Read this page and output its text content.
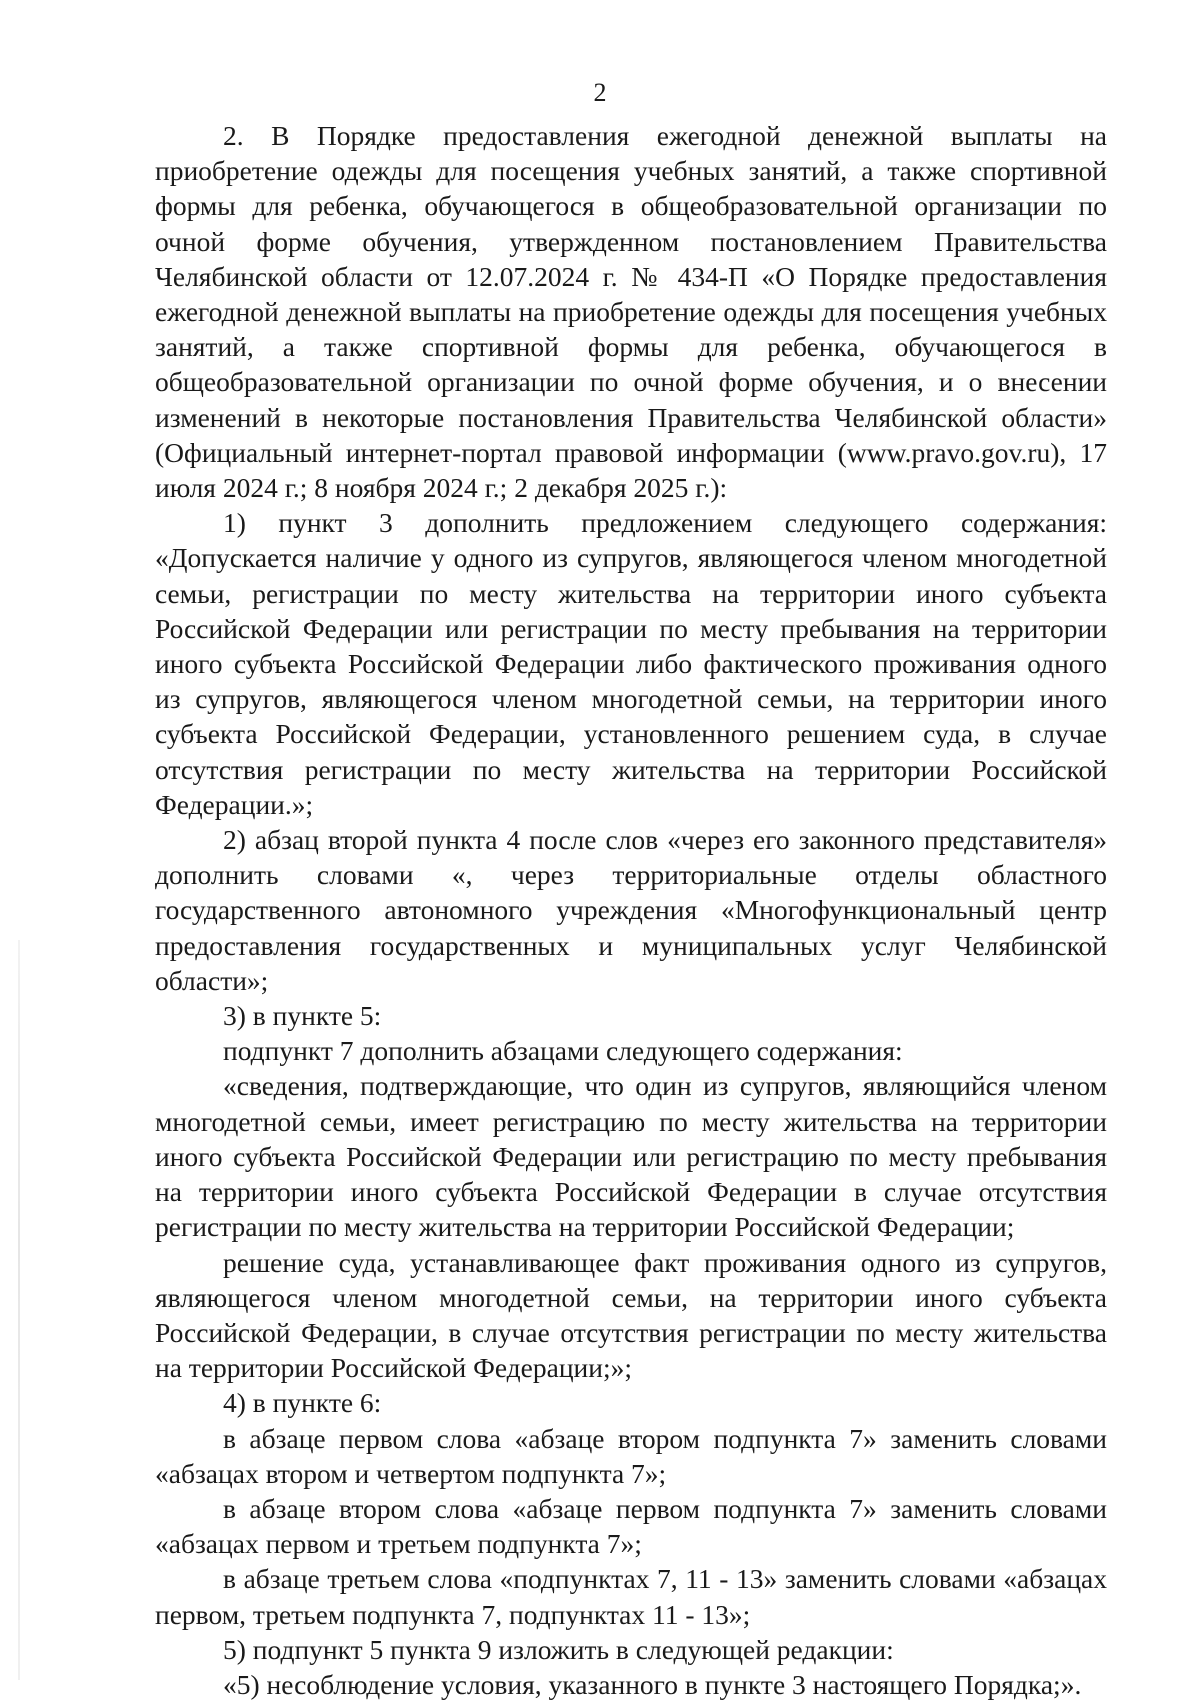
2

2. В Порядке предоставления ежегодной денежной выплаты на приобретение одежды для посещения учебных занятий, а также спортивной формы для ребенка, обучающегося в общеобразовательной организации по очной форме обучения, утвержденном постановлением Правительства Челябинской области от 12.07.2024 г. № 434-П «О Порядке предоставления ежегодной денежной выплаты на приобретение одежды для посещения учебных занятий, а также спортивной формы для ребенка, обучающегося в общеобразовательной организации по очной форме обучения, и о внесении изменений в некоторые постановления Правительства Челябинской области» (Официальный интернет-портал правовой информации (www.pravo.gov.ru), 17 июля 2024 г.; 8 ноября 2024 г.; 2 декабря 2025 г.):

1) пункт 3 дополнить предложением следующего содержания: «Допускается наличие у одного из супругов, являющегося членом многодетной семьи, регистрации по месту жительства на территории иного субъекта Российской Федерации или регистрации по месту пребывания на территории иного субъекта Российской Федерации либо фактического проживания одного из супругов, являющегося членом многодетной семьи, на территории иного субъекта Российской Федерации, установленного решением суда, в случае отсутствия регистрации по месту жительства на территории Российской Федерации.»;

2) абзац второй пункта 4 после слов «через его законного представителя» дополнить словами «, через территориальные отделы областного государственного автономного учреждения «Многофункциональный центр предоставления государственных и муниципальных услуг Челябинской области»;

3) в пункте 5:

подпункт 7 дополнить абзацами следующего содержания:

«сведения, подтверждающие, что один из супругов, являющийся членом многодетной семьи, имеет регистрацию по месту жительства на территории иного субъекта Российской Федерации или регистрацию по месту пребывания на территории иного субъекта Российской Федерации в случае отсутствия регистрации по месту жительства на территории Российской Федерации;

решение суда, устанавливающее факт проживания одного из супругов, являющегося членом многодетной семьи, на территории иного субъекта Российской Федерации, в случае отсутствия регистрации по месту жительства на территории Российской Федерации;»;

4) в пункте 6:

в абзаце первом слова «абзаце втором подпункта 7» заменить словами «абзацах втором и четвертом подпункта 7»;

в абзаце втором слова «абзаце первом подпункта 7» заменить словами «абзацах первом и третьем подпункта 7»;

в абзаце третьем слова «подпунктах 7, 11 - 13» заменить словами «абзацах первом, третьем подпункта 7, подпунктах 11 - 13»;

5) подпункт 5 пункта 9 изложить в следующей редакции:

«5) несоблюдение условия, указанного в пункте 3 настоящего Порядка;».
